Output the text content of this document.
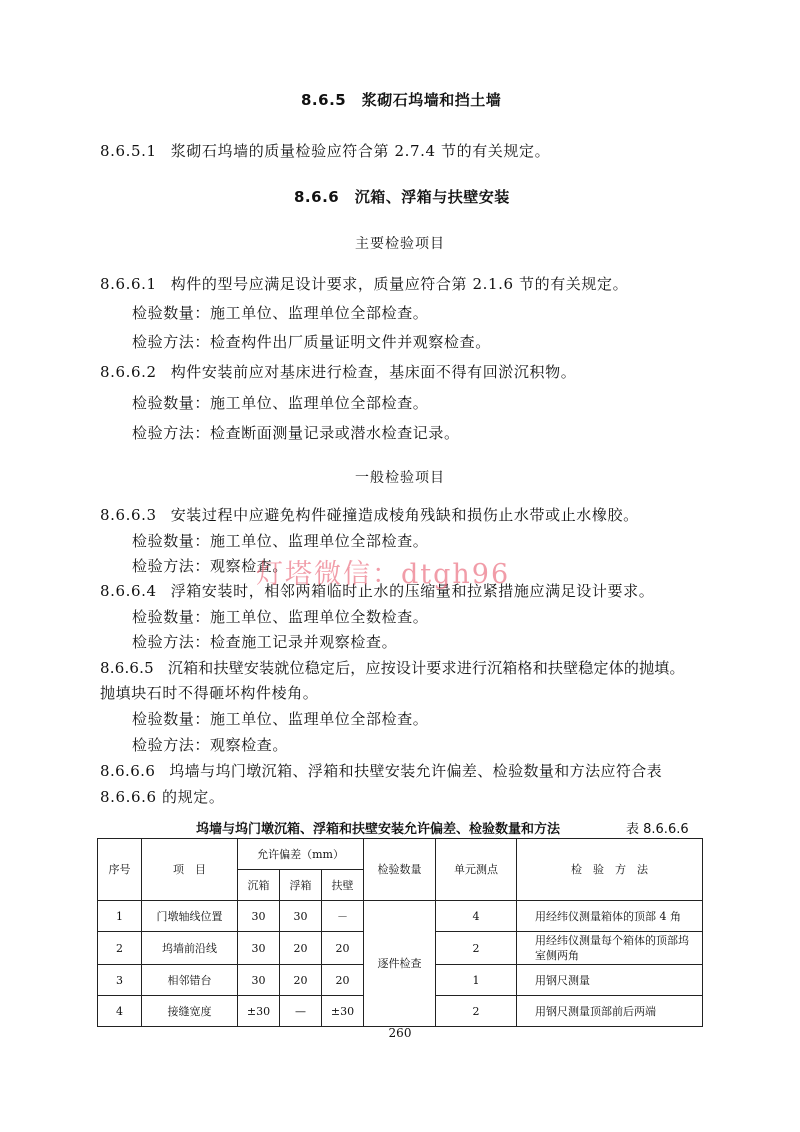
8.6.5　浆砌石坞墙和挡土墙
8.6.5.1 浆砌石坞墙的质量检验应符合第 2.7.4 节的有关规定。
8.6.6　沉箱、浮箱与扶壁安装
主要检验项目
8.6.6.1 构件的型号应满足设计要求，质量应符合第 2.1.6 节的有关规定。
检验数量：施工单位、监理单位全部检查。
检验方法：检查构件出厂质量证明文件并观察检查。
8.6.6.2 构件安装前应对基床进行检查，基床面不得有回淤沉积物。
检验数量：施工单位、监理单位全部检查。
检验方法：检查断面测量记录或潜水检查记录。
一般检验项目
8.6.6.3 安装过程中应避免构件碰撞造成棱角残缺和损伤止水带或止水橡胶。
检验数量：施工单位、监理单位全部检查。
检验方法：观察检查。
8.6.6.4 浮箱安装时，相邻两箱临时止水的压缩量和拉紧措施应满足设计要求。
检验数量：施工单位、监理单位全数检查。
检验方法：检查施工记录并观察检查。
8.6.6.5 沉箱和扶壁安装就位稳定后，应按设计要求进行沉箱格和扶壁稳定体的抛填。
抛填块石时不得砸坏构件棱角。
检验数量：施工单位、监理单位全部检查。
检验方法：观察检查。
8.6.6.6 坞墙与坞门墩沉箱、浮箱和扶壁安装允许偏差、检验数量和方法应符合表
8.6.6.6 的规定。
灯塔微信：dtgh96
坞墙与坞门墩沉箱、浮箱和扶壁安装允许偏差、检验数量和方法	表 8.6.6.6
序号	项　目	允许偏差（mm）			检验数量	单元测点	检　验　方　法
		沉箱	浮箱	扶壁			
1	门墩轴线位置	30	30	－	逐件检查	4	用经纬仪测量箱体的顶部 4 角
2	坞墙前沿线	30	20	20		2	用经纬仪测量每个箱体的顶部坞室侧两角
3	相邻错台	30	20	20		1	用钢尺测量
4	接缝宽度	±30	—	±30		2	用钢尺测量顶部前后两端
260
